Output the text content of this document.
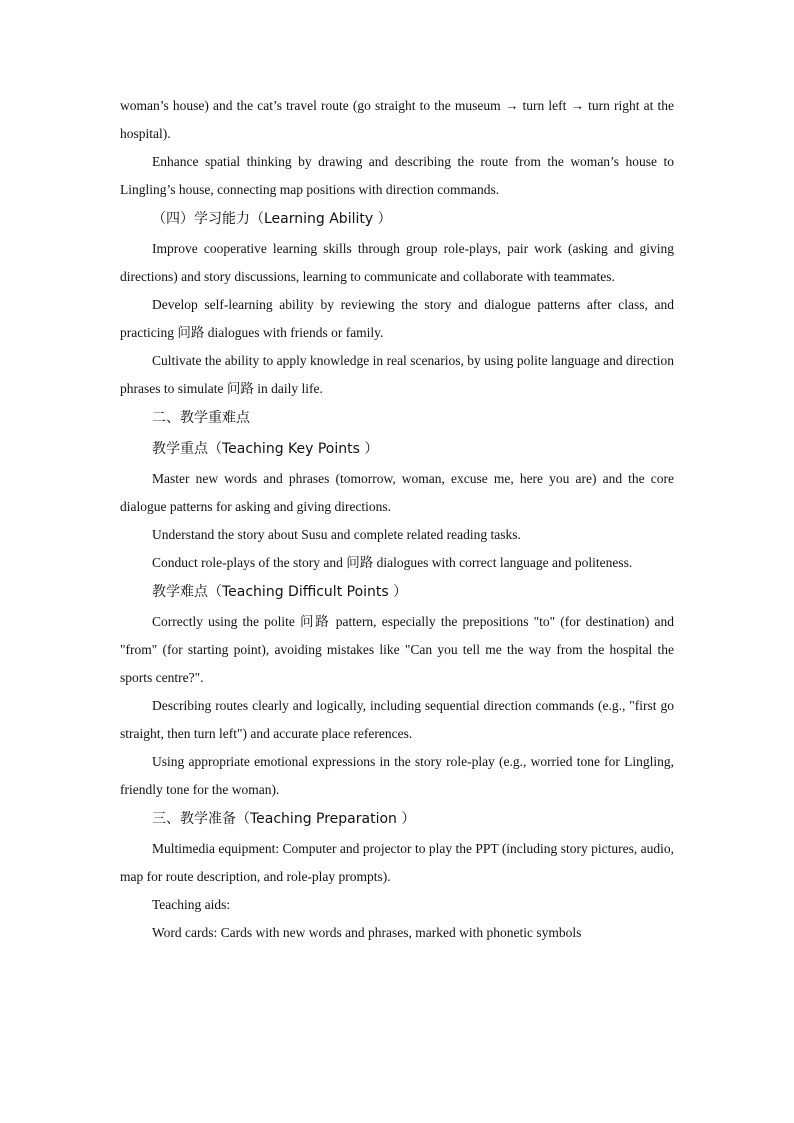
woman’s house) and the cat’s travel route (go straight to the museum → turn left → turn right at the hospital).

Enhance spatial thinking by drawing and describing the route from the woman’s house to Lingling’s house, connecting map positions with direction commands.

（四）学习能力（Learning Ability ）

Improve cooperative learning skills through group role-plays, pair work (asking and giving directions) and story discussions, learning to communicate and collaborate with teammates.

Develop self-learning ability by reviewing the story and dialogue patterns after class, and practicing 问路 dialogues with friends or family.

Cultivate the ability to apply knowledge in real scenarios, by using polite language and direction phrases to simulate 问路 in daily life.

二、教学重难点

教学重点（Teaching Key Points ）

Master new words and phrases (tomorrow, woman, excuse me, here you are) and the core dialogue patterns for asking and giving directions.

Understand the story about Susu and complete related reading tasks.

Conduct role-plays of the story and 问路 dialogues with correct language and politeness.

教学难点（Teaching Difficult Points ）

Correctly using the polite 问路 pattern, especially the prepositions "to" (for destination) and "from" (for starting point), avoiding mistakes like "Can you tell me the way from the hospital the sports centre?".

Describing routes clearly and logically, including sequential direction commands (e.g., "first go straight, then turn left") and accurate place references.

Using appropriate emotional expressions in the story role-play (e.g., worried tone for Lingling, friendly tone for the woman).

三、教学准备（Teaching Preparation ）

Multimedia equipment: Computer and projector to play the PPT (including story pictures, audio, map for route description, and role-play prompts).

Teaching aids:

Word cards: Cards with new words and phrases, marked with phonetic symbols
